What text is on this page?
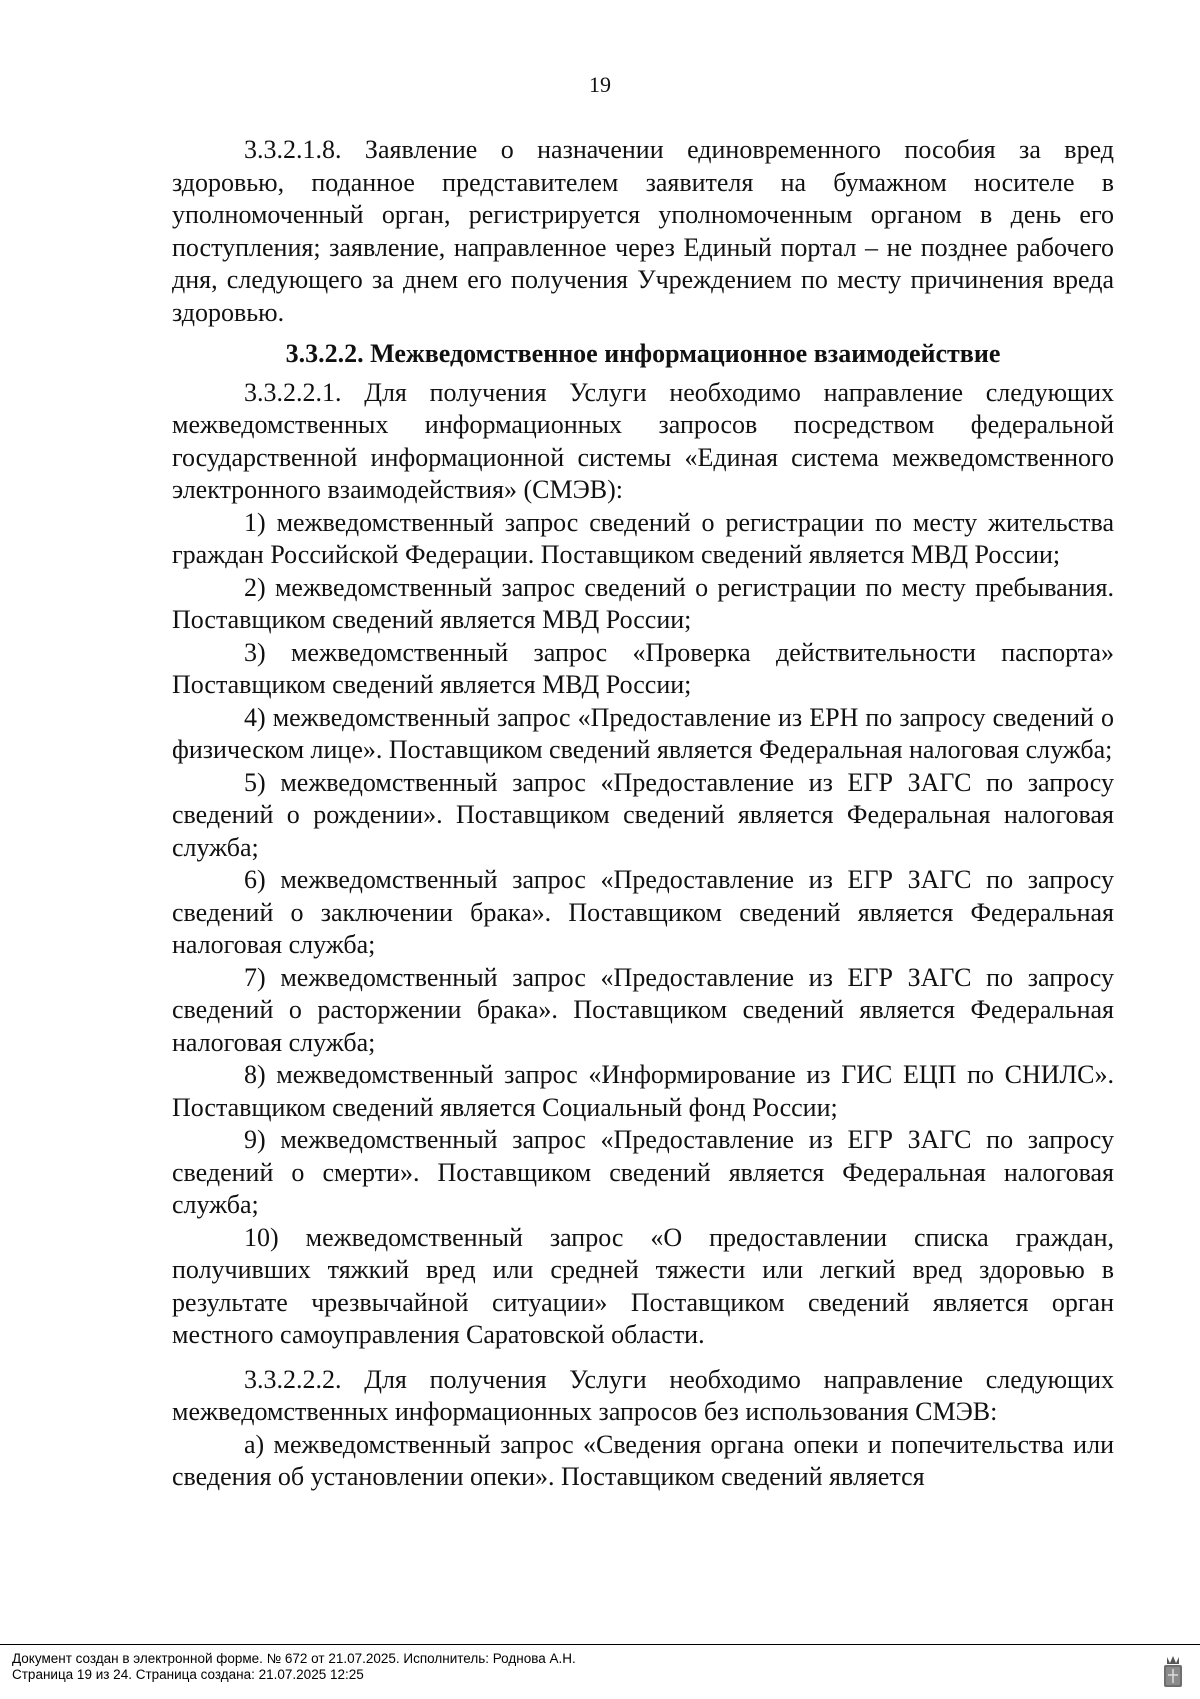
19

3.3.2.1.8. Заявление о назначении единовременного пособия за вред здоровью, поданное представителем заявителя на бумажном носителе в уполномоченный орган, регистрируется уполномоченным органом в день его поступления; заявление, направленное через Единый портал – не позднее рабочего дня, следующего за днем его получения Учреждением по месту причинения вреда здоровью.

3.3.2.2. Межведомственное информационное взаимодействие

3.3.2.2.1. Для получения Услуги необходимо направление следующих межведомственных информационных запросов посредством федеральной государственной информационной системы «Единая система межведомственного электронного взаимодействия» (СМЭВ):

1) межведомственный запрос сведений о регистрации по месту жительства граждан Российской Федерации. Поставщиком сведений является МВД России;

2) межведомственный запрос сведений о регистрации по месту пребывания. Поставщиком сведений является МВД России;

3) межведомственный запрос «Проверка действительности паспорта» Поставщиком сведений является МВД России;

4) межведомственный запрос «Предоставление из ЕРН по запросу сведений о физическом лице». Поставщиком сведений является Федеральная налоговая служба;

5) межведомственный запрос «Предоставление из ЕГР ЗАГС по запросу сведений о рождении». Поставщиком сведений является Федеральная налоговая служба;

6) межведомственный запрос «Предоставление из ЕГР ЗАГС по запросу сведений о заключении брака». Поставщиком сведений является Федеральная налоговая служба;

7) межведомственный запрос «Предоставление из ЕГР ЗАГС по запросу сведений о расторжении брака». Поставщиком сведений является Федеральная налоговая служба;

8) межведомственный запрос «Информирование из ГИС ЕЦП по СНИЛС». Поставщиком сведений является Социальный фонд России;

9) межведомственный запрос «Предоставление из ЕГР ЗАГС по запросу сведений о смерти». Поставщиком сведений является Федеральная налоговая служба;

10) межведомственный запрос «О предоставлении списка граждан, получивших тяжкий вред или средней тяжести или легкий вред здоровью в результате чрезвычайной ситуации» Поставщиком сведений является орган местного самоуправления Саратовской области.

3.3.2.2.2. Для получения Услуги необходимо направление следующих межведомственных информационных запросов без использования СМЭВ:

а) межведомственный запрос «Сведения органа опеки и попечительства или сведения об установлении опеки». Поставщиком сведений является

Документ создан в электронной форме. № 672 от 21.07.2025. Исполнитель: Роднова А.Н.
Страница 19 из 24. Страница создана: 21.07.2025 12:25
